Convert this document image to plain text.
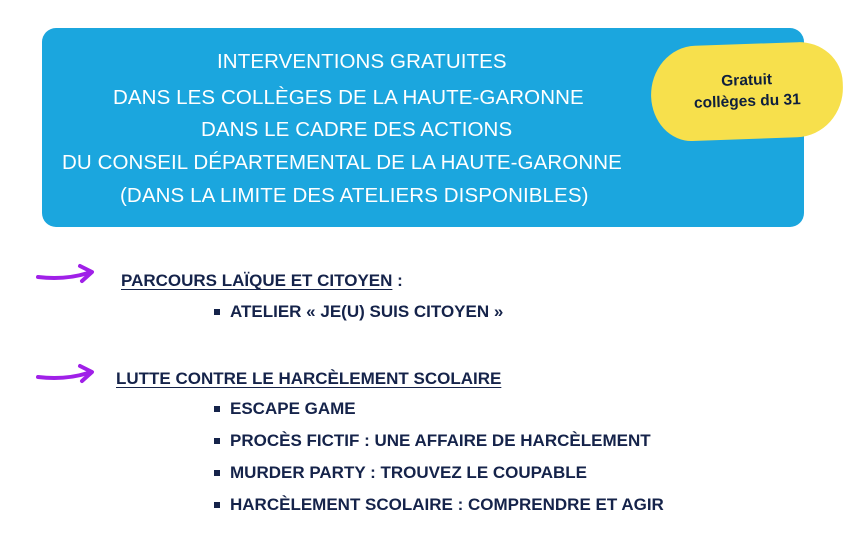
INTERVENTIONS GRATUITES
DANS LES COLLÈGES DE LA HAUTE-GARONNE
DANS LE CADRE DES ACTIONS
DU CONSEIL DÉPARTEMENTAL DE LA HAUTE-GARONNE
(DANS LA LIMITE DES ATELIERS DISPONIBLES)
Gratuit
collèges du 31
PARCOURS LAÏQUE ET CITOYEN :
ATELIER « JE(U) SUIS CITOYEN »
LUTTE CONTRE LE HARCÈLEMENT SCOLAIRE
ESCAPE GAME
PROCÈS FICTIF : UNE AFFAIRE DE HARCÈLEMENT
MURDER PARTY : TROUVEZ LE COUPABLE
HARCÈLEMENT SCOLAIRE : COMPRENDRE ET AGIR
